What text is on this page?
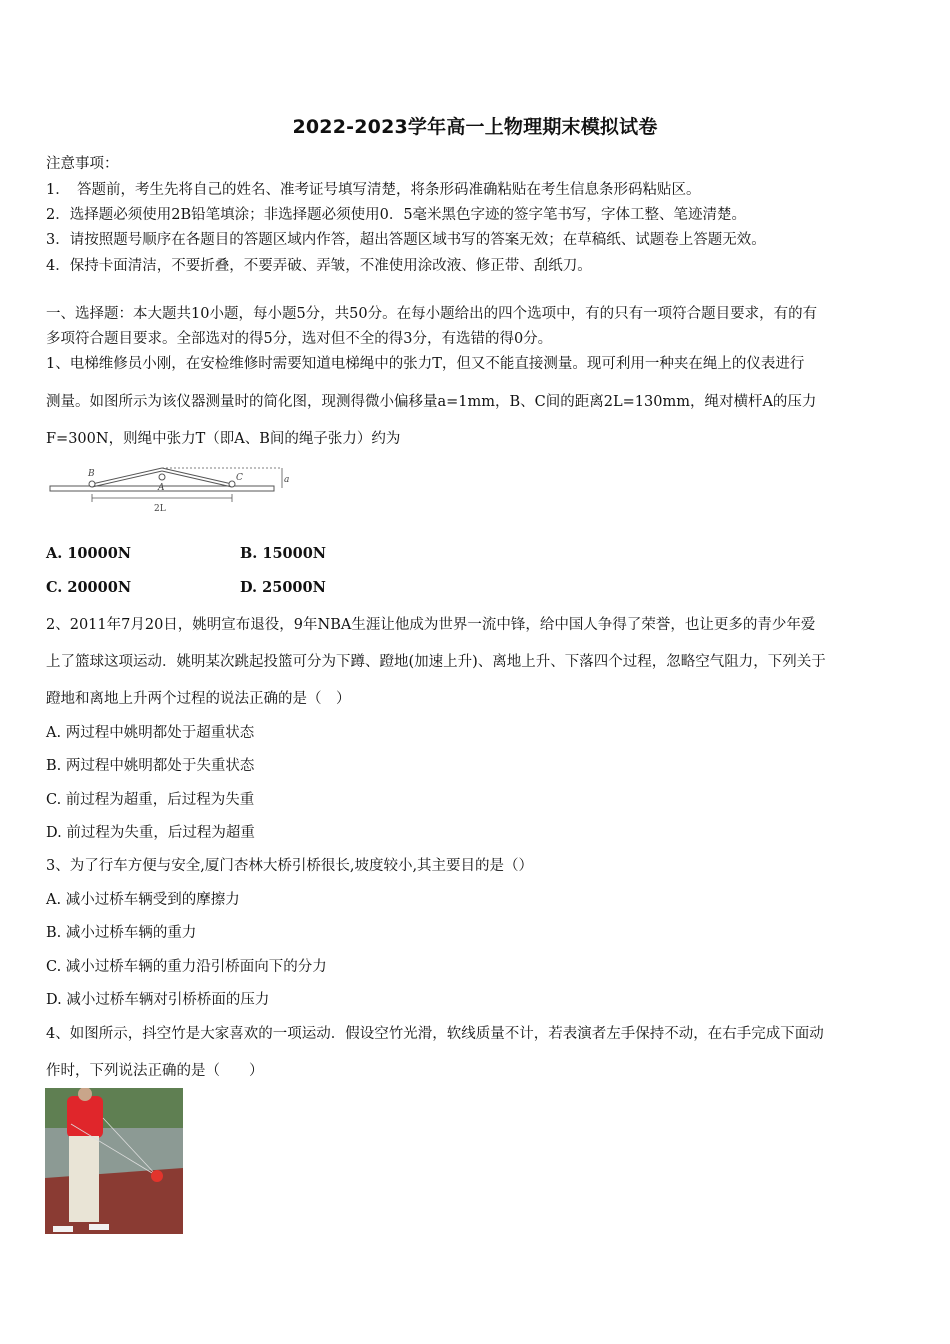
2022-2023学年高一上物理期末模拟试卷
注意事项：
1．　答题前，考生先将自己的姓名、准考证号填写清楚，将条形码准确粘贴在考生信息条形码粘贴区。
2．选择题必须使用2B铅笔填涂；非选择题必须使用0．5毫米黑色字迹的签字笔书写，字体工整、笔迹清楚。
3．请按照题号顺序在各题目的答题区域内作答，超出答题区域书写的答案无效；在草稿纸、试题卷上答题无效。
4．保持卡面清洁，不要折叠，不要弄破、弄皱，不准使用涂改液、修正带、刮纸刀。
一、选择题：本大题共10小题，每小题5分，共50分。在每小题给出的四个选项中，有的只有一项符合题目要求，有的有
多项符合题目要求。全部选对的得5分，选对但不全的得3分，有选错的得0分。
1、电梯维修员小刚，在安检维修时需要知道电梯绳中的张力T，但又不能直接测量。现可利用一种夹在绳上的仪表进行
测量。如图所示为该仪器测量时的简化图，现测得微小偏移量a=1mm，B、C间的距离2L=130mm，绳对横杆A的压力
F=300N，则绳中张力T（即A、B间的绳子张力）约为
B
A
C	a
2L
A. 10000N	B. 15000N
C. 20000N	D. 25000N
2、2011年7月20日，姚明宣布退役，9年NBA生涯让他成为世界一流中锋，给中国人争得了荣誉，也让更多的青少年爱
上了篮球这项运动．姚明某次跳起投篮可分为下蹲、蹬地(加速上升)、离地上升、下落四个过程，忽略空气阻力，下列关于
蹬地和离地上升两个过程的说法正确的是（　）
A. 两过程中姚明都处于超重状态
B. 两过程中姚明都处于失重状态
C. 前过程为超重，后过程为失重
D. 前过程为失重，后过程为超重
3、为了行车方便与安全,厦门杏林大桥引桥很长,坡度较小,其主要目的是（）
A. 减小过桥车辆受到的摩擦力
B. 减小过桥车辆的重力
C. 减小过桥车辆的重力沿引桥面向下的分力
D. 减小过桥车辆对引桥桥面的压力
4、如图所示，抖空竹是大家喜欢的一项运动．假设空竹光滑，软线质量不计，若表演者左手保持不动，在右手完成下面动
作时，下列说法正确的是（　　）
